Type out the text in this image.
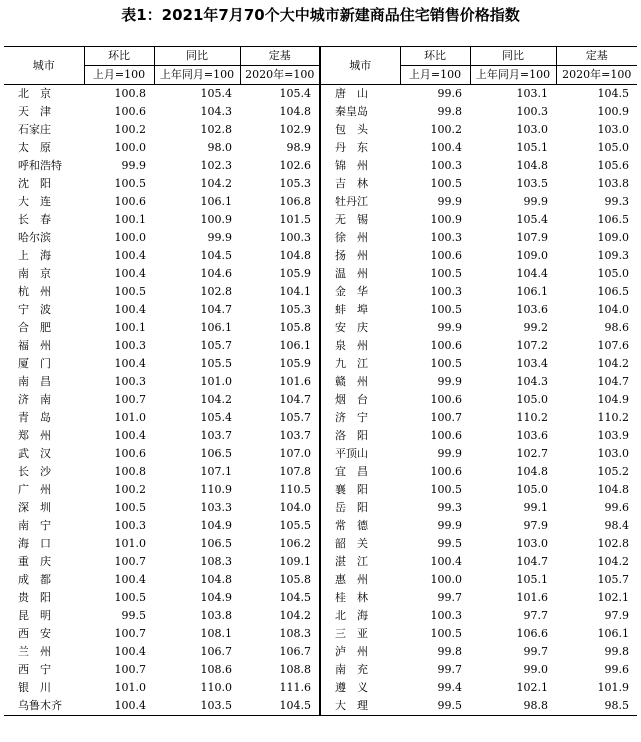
表1：2021年7月70个大中城市新建商品住宅销售价格指数
城市	环比	同比	定基	城市	环比	同比	定基
	上月=100	上年同月=100	2020年=100		上月=100	上年同月=100	2020年=100
北　京	100.8	105.4	105.4	唐　山	99.6	103.1	104.5
天　津	100.6	104.3	104.8	秦皇岛	99.8	100.3	100.9
石家庄	100.2	102.8	102.9	包　头	100.2	103.0	103.0
太　原	100.0	98.0	98.9	丹　东	100.4	105.1	105.0
呼和浩特	99.9	102.3	102.6	锦　州	100.3	104.8	105.6
沈　阳	100.5	104.2	105.3	吉　林	100.5	103.5	103.8
大　连	100.6	106.1	106.8	牡丹江	99.9	99.9	99.3
长　春	100.1	100.9	101.5	无　锡	100.9	105.4	106.5
哈尔滨	100.0	99.9	100.3	徐　州	100.3	107.9	109.0
上　海	100.4	104.5	104.8	扬　州	100.6	109.0	109.3
南　京	100.4	104.6	105.9	温　州	100.5	104.4	105.0
杭　州	100.5	102.8	104.1	金　华	100.3	106.1	106.5
宁　波	100.4	104.7	105.3	蚌　埠	100.5	103.6	104.0
合　肥	100.1	106.1	105.8	安　庆	99.9	99.2	98.6
福　州	100.3	105.7	106.1	泉　州	100.6	107.2	107.6
厦　门	100.4	105.5	105.9	九　江	100.5	103.4	104.2
南　昌	100.3	101.0	101.6	赣　州	99.9	104.3	104.7
济　南	100.7	104.2	104.7	烟　台	100.6	105.0	104.9
青　岛	101.0	105.4	105.7	济　宁	100.7	110.2	110.2
郑　州	100.4	103.7	103.7	洛　阳	100.6	103.6	103.9
武　汉	100.6	106.5	107.0	平顶山	99.9	102.7	103.0
长　沙	100.8	107.1	107.8	宜　昌	100.6	104.8	105.2
广　州	100.2	110.9	110.5	襄　阳	100.5	105.0	104.8
深　圳	100.5	103.3	104.0	岳　阳	99.3	99.1	99.6
南　宁	100.3	104.9	105.5	常　德	99.9	97.9	98.4
海　口	101.0	106.5	106.2	韶　关	99.5	103.0	102.8
重　庆	100.7	108.3	109.1	湛　江	100.4	104.7	104.2
成　都	100.4	104.8	105.8	惠　州	100.0	105.1	105.7
贵　阳	100.5	104.9	104.5	桂　林	99.7	101.6	102.1
昆　明	99.5	103.8	104.2	北　海	100.3	97.7	97.9
西　安	100.7	108.1	108.3	三　亚	100.5	106.6	106.1
兰　州	100.4	106.7	106.7	泸　州	99.8	99.7	99.8
西　宁	100.7	108.6	108.8	南　充	99.7	99.0	99.6
银　川	101.0	110.0	111.6	遵　义	99.4	102.1	101.9
乌鲁木齐	100.4	103.5	104.5	大　理	99.5	98.8	98.5
